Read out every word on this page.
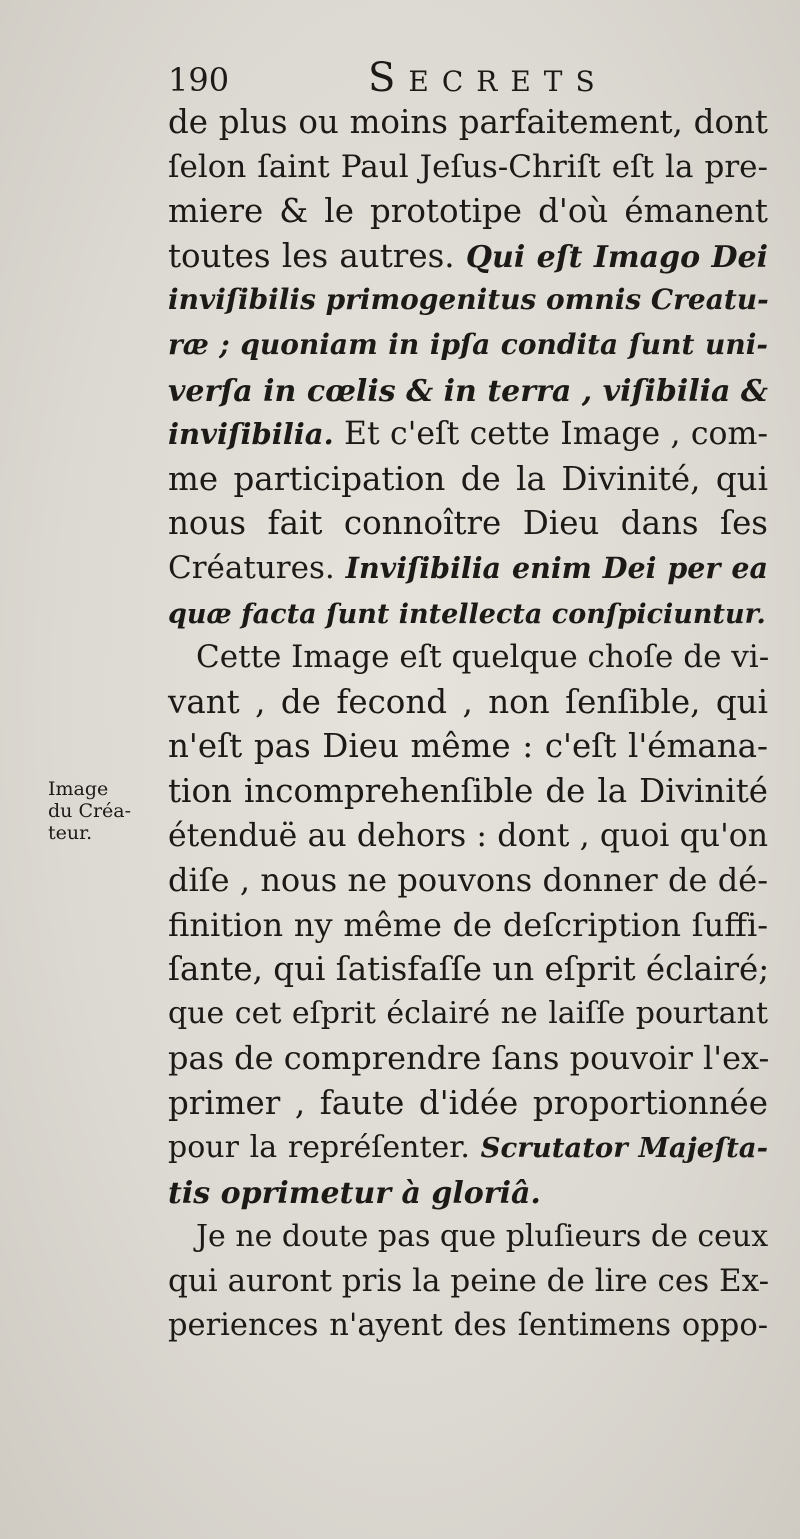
190	Secrets
Image
du Créa-
teur.
de plus ou moins parfaitement, dont
ſelon ſaint Paul Jeſus-Chriſt eſt la pre-
miere & le prototipe d'où émanent
toutes les autres. Qui eſt Imago Dei
inviſibilis primogenitus omnis Creatu-
ræ ; quoniam in ipſa condita ſunt uni-
verſa in cœlis & in terra , viſibilia &
inviſibilia. Et c'eſt cette Image , com-
me participation de la Divinité, qui
nous fait connoître Dieu dans ſes
Créatures. Inviſibilia enim Dei per ea
quæ facta ſunt intellecta conſpiciuntur.
Cette Image eſt quelque choſe de vi-
vant , de fecond , non ſenſible, qui
n'eſt pas Dieu même : c'eſt l'émana-
tion incomprehenſible de la Divinité
étenduë au dehors : dont , quoi qu'on
diſe , nous ne pouvons donner de dé-
finition ny même de deſcription ſuffi-
ſante, qui ſatisfaſſe un eſprit éclairé;
que cet eſprit éclairé ne laiſſe pourtant
pas de comprendre ſans pouvoir l'ex-
primer , faute d'idée proportionnée
pour la repréſenter. Scrutator Majeſta-
tis oprimetur à gloriâ.
Je ne doute pas que pluſieurs de ceux
qui auront pris la peine de lire ces Ex-
periences n'ayent des ſentimens oppo-
